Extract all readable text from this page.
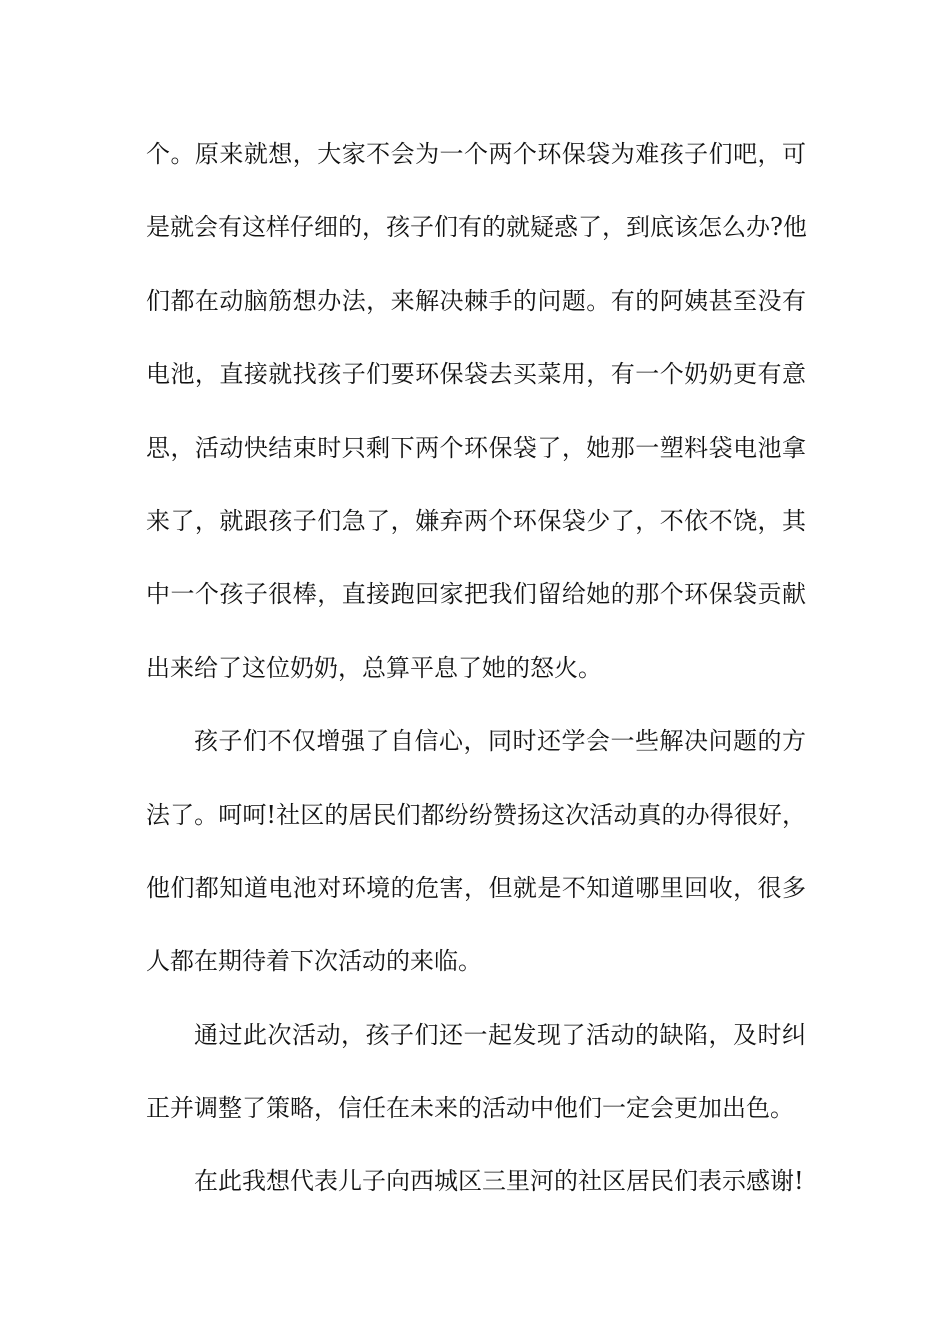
个。原来就想，大家不会为一个两个环保袋为难孩子们吧，可
是就会有这样仔细的，孩子们有的就疑惑了，到底该怎么办?他
们都在动脑筋想办法，来解决棘手的问题。有的阿姨甚至没有
电池，直接就找孩子们要环保袋去买菜用，有一个奶奶更有意
思，活动快结束时只剩下两个环保袋了，她那一塑料袋电池拿
来了，就跟孩子们急了，嫌弃两个环保袋少了，不依不饶，其
中一个孩子很棒，直接跑回家把我们留给她的那个环保袋贡献
出来给了这位奶奶，总算平息了她的怒火。
孩子们不仅增强了自信心，同时还学会一些解决问题的方
法了。呵呵!社区的居民们都纷纷赞扬这次活动真的办得很好，
他们都知道电池对环境的危害，但就是不知道哪里回收，很多
人都在期待着下次活动的来临。
通过此次活动，孩子们还一起发现了活动的缺陷，及时纠
正并调整了策略，信任在未来的活动中他们一定会更加出色。
在此我想代表儿子向西城区三里河的社区居民们表示感谢!
